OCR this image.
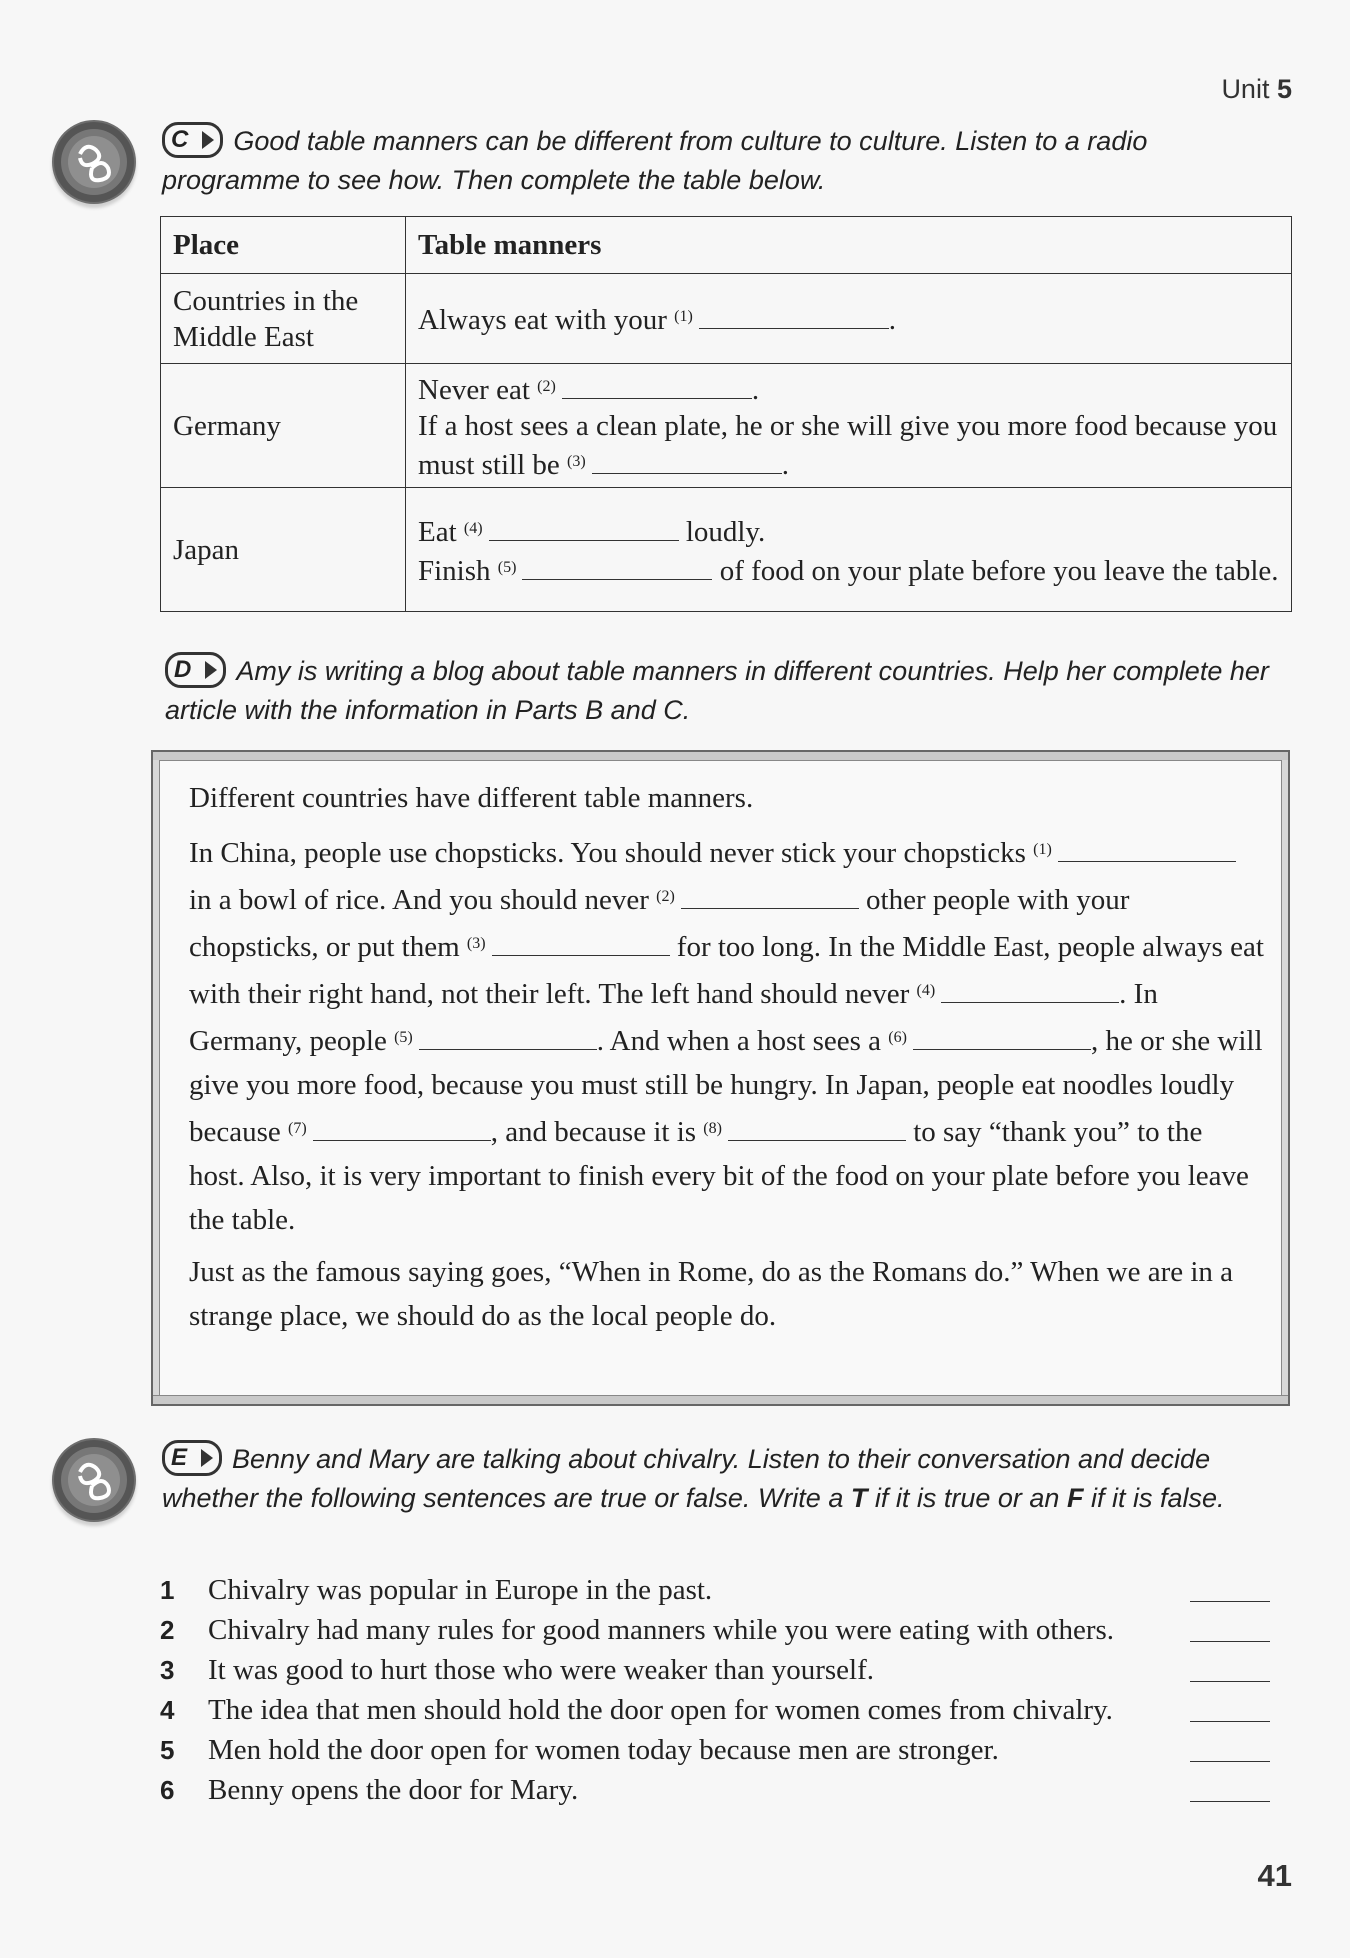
Unit 5
C Good table manners can be different from culture to culture. Listen to a radio programme to see how. Then complete the table below.
Place	Table manners
Countries in the Middle East	Always eat with your $^{(1)}$ .
Germany	Never eat $^{(2)}$ .
If a host sees a clean plate, he or she will give you more food because you must still be $^{(3)}$ .

Japan	Eat $^{(4)}$ loudly.
Finish $^{(5)}$ of food on your plate before you leave the table.
D Amy is writing a blog about table manners in different countries. Help her complete her article with the information in Parts B and C.

Different countries have different table manners.

In China, people use chopsticks. You should never stick your chopsticks $^{(1)}$ in a bowl of rice. And you should never $^{(2)}$	other people with your chopsticks, or put them $^{(3)}$	for too long. In the Middle East, people always eat with their right hand, not their left. The left hand should never $^{(4)}$	. In Germany, people $^{(5)}$	. And when a host sees a $^{(6)}$	, he or she will give you more food, because you must still be hungry. In Japan, people eat noodles loudly because $^{(7)}$	, and because it is $^{(8)}$	to say “thank you” to the host. Also, it is very important to finish every bit of the food on your plate before you leave the table.

Just as the famous saying goes, “When in Rome, do as the Romans do.” When we are in a strange place, we should do as the local people do.

E Benny and Mary are talking about chivalry. Listen to their conversation and decide whether the following sentences are true or false. Write a T if it is true or an F if it is false.
1 Chivalry was popular in Europe in the past.
2 Chivalry had many rules for good manners while you were eating with others.
3 It was good to hurt those who were weaker than yourself.
4 The idea that men should hold the door open for women comes from chivalry.
5 Men hold the door open for women today because men are stronger.
6 Benny opens the door for Mary.
41
